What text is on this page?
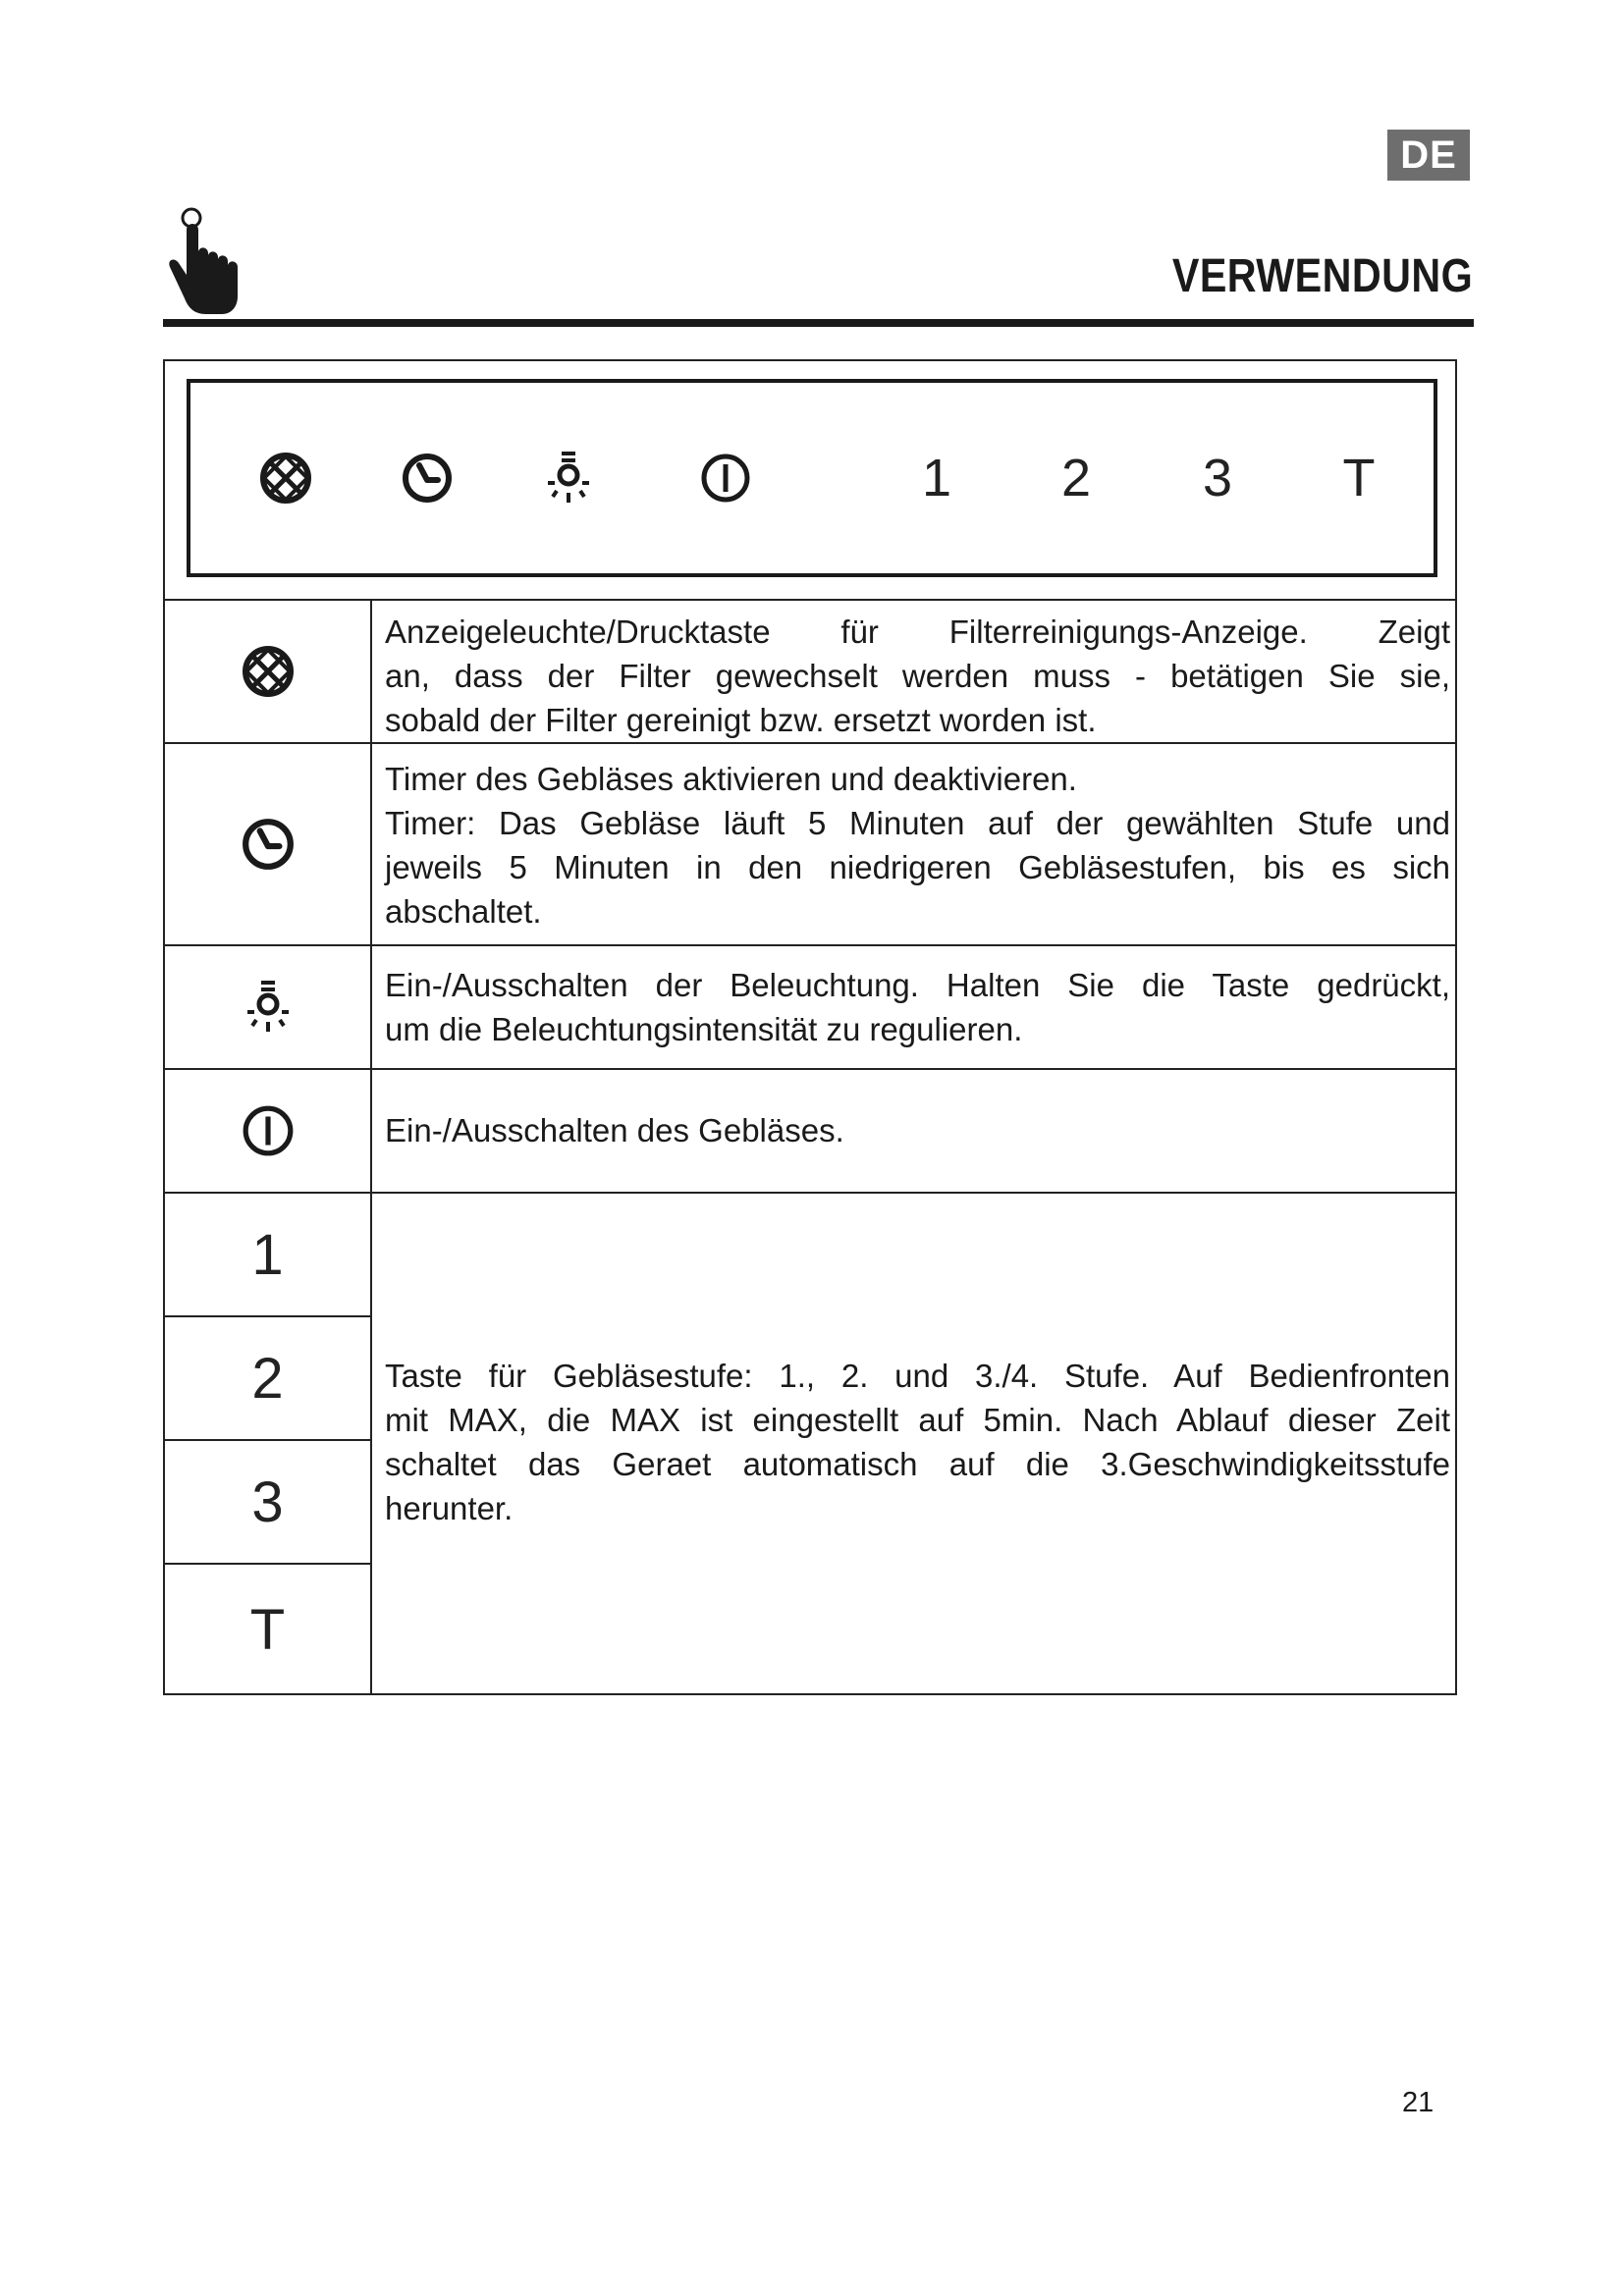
DE
VERWENDUNG
1 2 3 T
Anzeigeleuchte/Drucktaste für Filterreinigungs-Anzeige. Zeigt
an, dass der Filter gewechselt werden muss - betätigen Sie sie,
sobald der Filter gereinigt bzw. ersetzt worden ist.
Timer des Gebläses aktivieren und deaktivieren.
Timer: Das Gebläse läuft 5 Minuten auf der gewählten Stufe und
jeweils 5 Minuten in den niedrigeren Gebläsestufen, bis es sich
abschaltet.
Ein-/Ausschalten der Beleuchtung. Halten Sie die Taste gedrückt,
um die Beleuchtungsintensität zu regulieren.
Ein-/Ausschalten des Gebläses.
1
2
3
T
Taste für Gebläsestufe: 1., 2. und 3./4. Stufe. Auf Bedienfronten
mit MAX, die MAX ist eingestellt auf 5min. Nach Ablauf dieser Zeit
schaltet das Geraet automatisch auf die 3.Geschwindigkeitsstufe
herunter.
21
